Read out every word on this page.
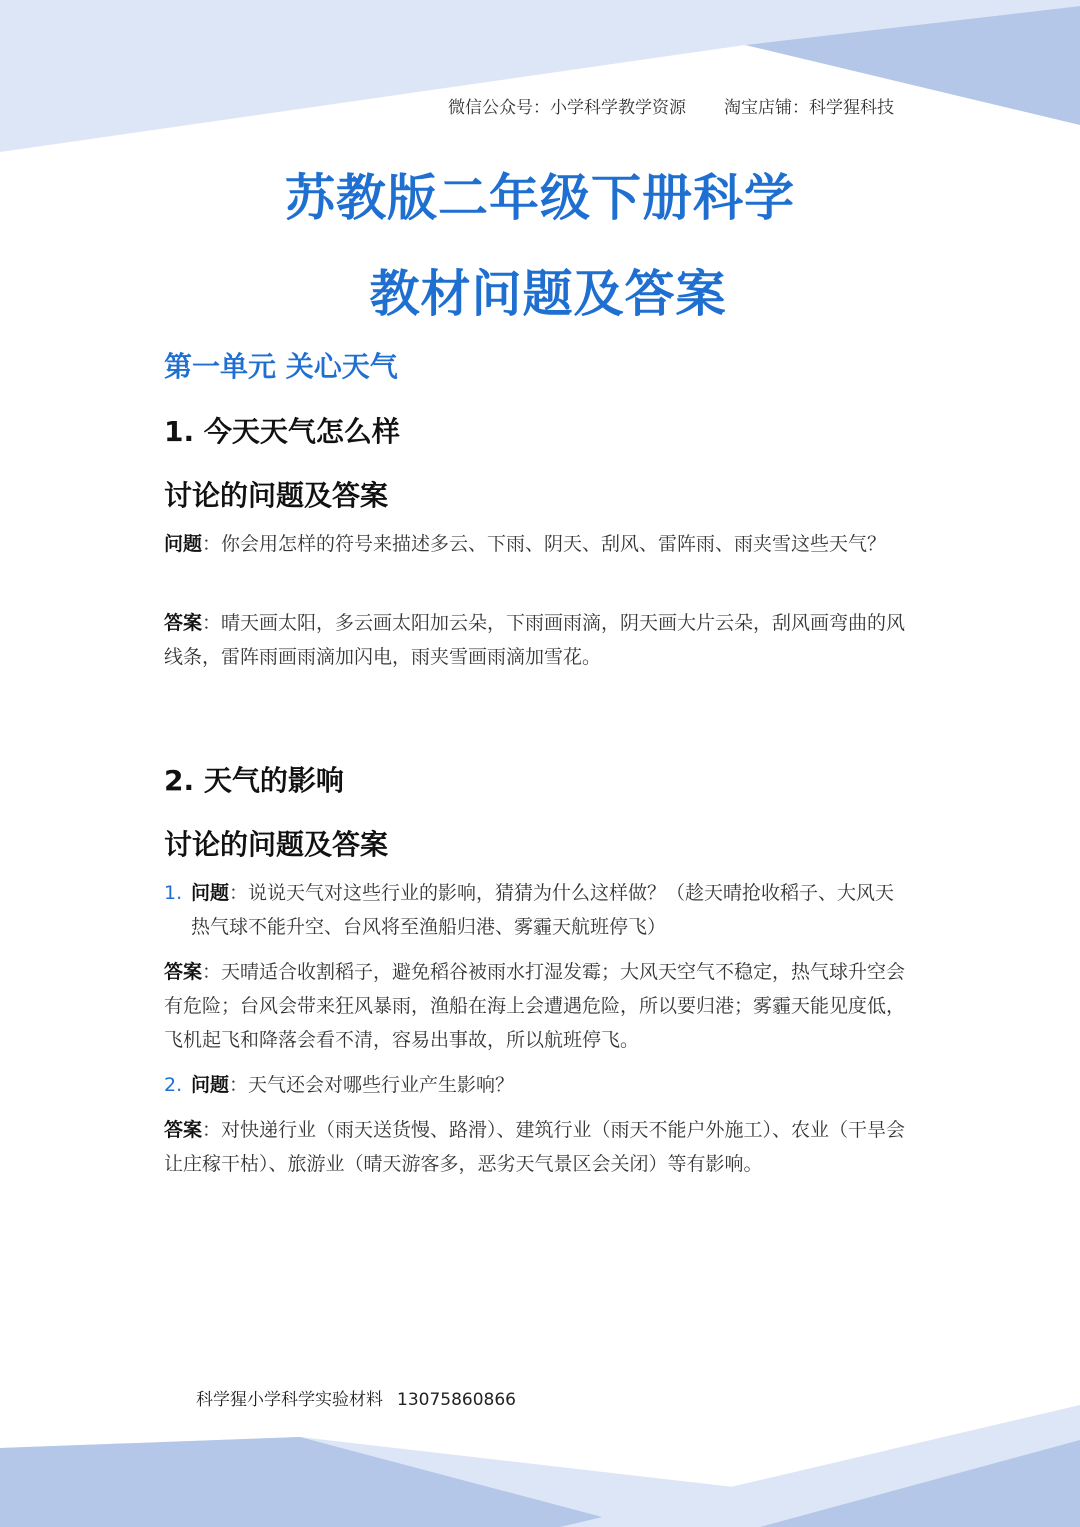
微信公众号：小学科学教学资源 淘宝店铺：科学猩科技
苏教版二年级下册科学
教材问题及答案
第一单元 关心天气
1. 今天天气怎么样
讨论的问题及答案

问题：你会用怎样的符号来描述多云、下雨、阴天、刮风、雷阵雨、雨夹雪这些天气？

答案：晴天画太阳，多云画太阳加云朵，下雨画雨滴，阴天画大片云朵，刮风画弯曲的风线条，雷阵雨画雨滴加闪电，雨夹雪画雨滴加雪花。

2. 天气的影响
讨论的问题及答案
1. 问题：说说天气对这些行业的影响，猜猜为什么这样做？（趁天晴抢收稻子、大风天热气球不能升空、台风将至渔船归港、雾霾天航班停飞）

答案：天晴适合收割稻子，避免稻谷被雨水打湿发霉；大风天空气不稳定，热气球升空会有危险；台风会带来狂风暴雨，渔船在海上会遭遇危险，所以要归港；雾霾天能见度低，飞机起飞和降落会看不清，容易出事故，所以航班停飞。

2. 问题：天气还会对哪些行业产生影响？

答案：对快递行业（雨天送货慢、路滑）、建筑行业（雨天不能户外施工）、农业（干旱会让庄稼干枯）、旅游业（晴天游客多，恶劣天气景区会关闭）等有影响。

科学猩小学科学实验材料 13075860866
